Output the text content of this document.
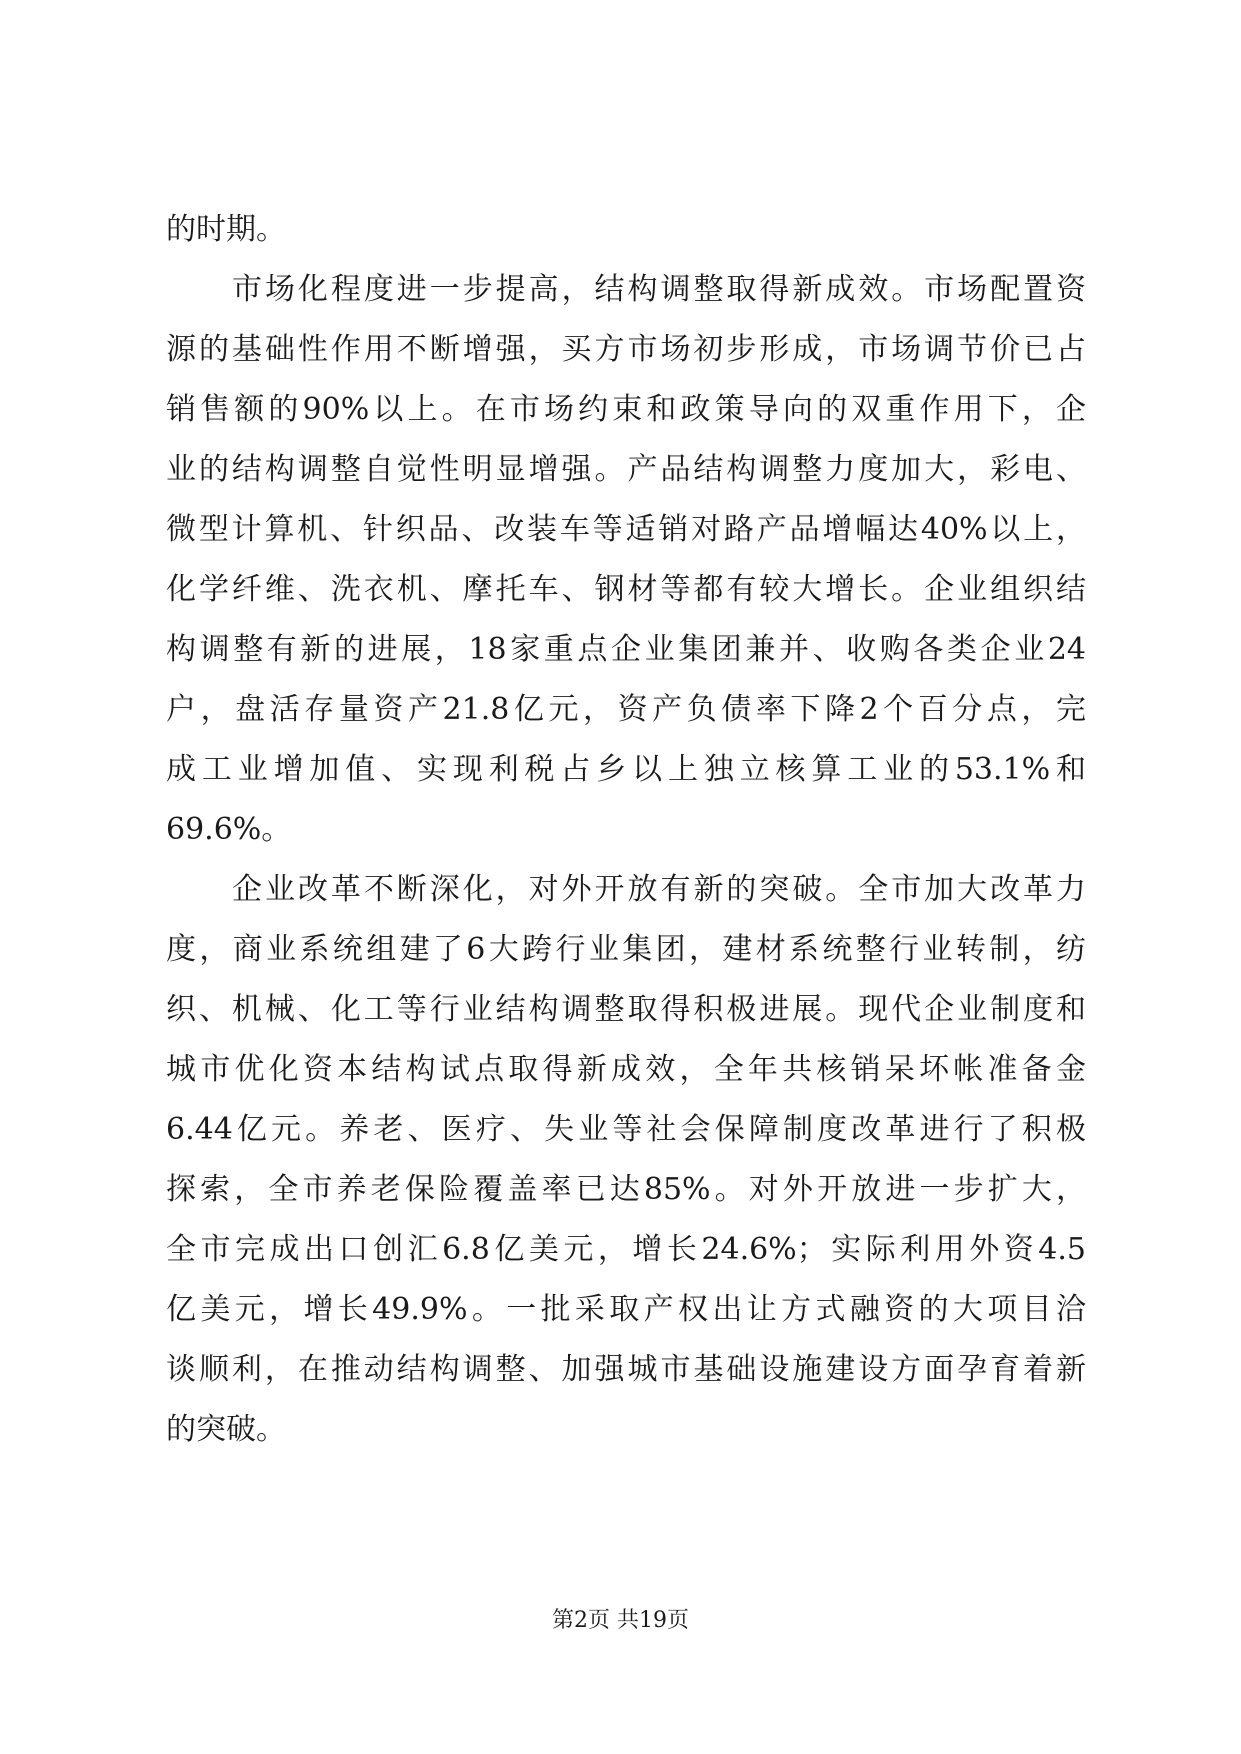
的时期。
市场化程度进一步提高，结构调整取得新成效。市场配置资
源的基础性作用不断增强，买方市场初步形成，市场调节价已占
销售额的90%以上。在市场约束和政策导向的双重作用下，企
业的结构调整自觉性明显增强。产品结构调整力度加大，彩电、
微型计算机、针织品、改装车等适销对路产品增幅达40%以上，
化学纤维、洗衣机、摩托车、钢材等都有较大增长。企业组织结
构调整有新的进展，18家重点企业集团兼并、收购各类企业24
户，盘活存量资产21.8亿元，资产负债率下降2个百分点，完
成工业增加值、实现利税占乡以上独立核算工业的53.1%和
69.6%。
企业改革不断深化，对外开放有新的突破。全市加大改革力
度，商业系统组建了6大跨行业集团，建材系统整行业转制，纺
织、机械、化工等行业结构调整取得积极进展。现代企业制度和
城市优化资本结构试点取得新成效，全年共核销呆坏帐准备金
6.44亿元。养老、医疗、失业等社会保障制度改革进行了积极
探索，全市养老保险覆盖率已达85%。对外开放进一步扩大，
全市完成出口创汇6.8亿美元，增长24.6%；实际利用外资4.5
亿美元，增长49.9%。一批采取产权出让方式融资的大项目洽
谈顺利，在推动结构调整、加强城市基础设施建设方面孕育着新
的突破。
第2页 共19页
